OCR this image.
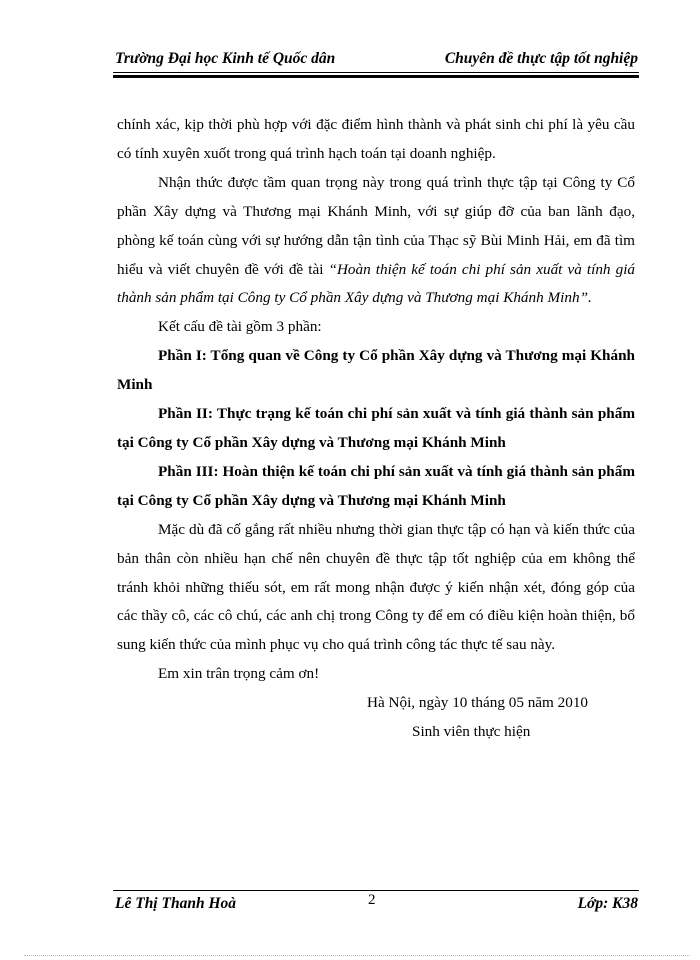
Trường Đại học Kinh tế Quốc dân	Chuyên đề thực tập tốt nghiệp

chính xác, kịp thời phù hợp với đặc điểm hình thành và phát sinh chi phí là yêu cầu có tính xuyên xuốt trong quá trình hạch toán tại doanh nghiệp.

Nhận thức được tầm quan trọng này trong quá trình thực tập tại Công ty Cổ phần Xây dựng và Thương mại Khánh Minh, với sự giúp đỡ của ban lãnh đạo, phòng kế toán cùng với sự hướng dẫn tận tình của Thạc sỹ Bùi Minh Hải, em đã tìm hiểu và viết chuyên đề với đề tài “Hoàn thiện kế toán chi phí sản xuất và tính giá thành sản phẩm tại Công ty Cổ phần Xây dựng và Thương mại Khánh Minh”.

Kết cấu đề tài gồm 3 phần:

Phần I: Tổng quan về Công ty Cổ phần Xây dựng và Thương mại Khánh Minh

Phần II: Thực trạng kế toán chi phí sản xuất và tính giá thành sản phẩm tại Công ty Cổ phần Xây dựng và Thương mại Khánh Minh

Phần III: Hoàn thiện kế toán chi phí sản xuất và tính giá thành sản phẩm tại Công ty Cổ phần Xây dựng và Thương mại Khánh Minh

Mặc dù đã cố gắng rất nhiều nhưng thời gian thực tập có hạn và kiến thức của bản thân còn nhiều hạn chế nên chuyên đề thực tập tốt nghiệp của em không thể tránh khỏi những thiếu sót, em rất mong nhận được ý kiến nhận xét, đóng góp của các thầy cô, các cô chú, các anh chị trong Công ty để em có điều kiện hoàn thiện, bổ sung kiến thức của mình phục vụ cho quá trình công tác thực tế sau này.

Em xin trân trọng cảm ơn!

Hà Nội, ngày 10 tháng 05 năm 2010

Sinh viên thực hiện

Lê Thị Thanh Hoà	2	Lớp: K38
